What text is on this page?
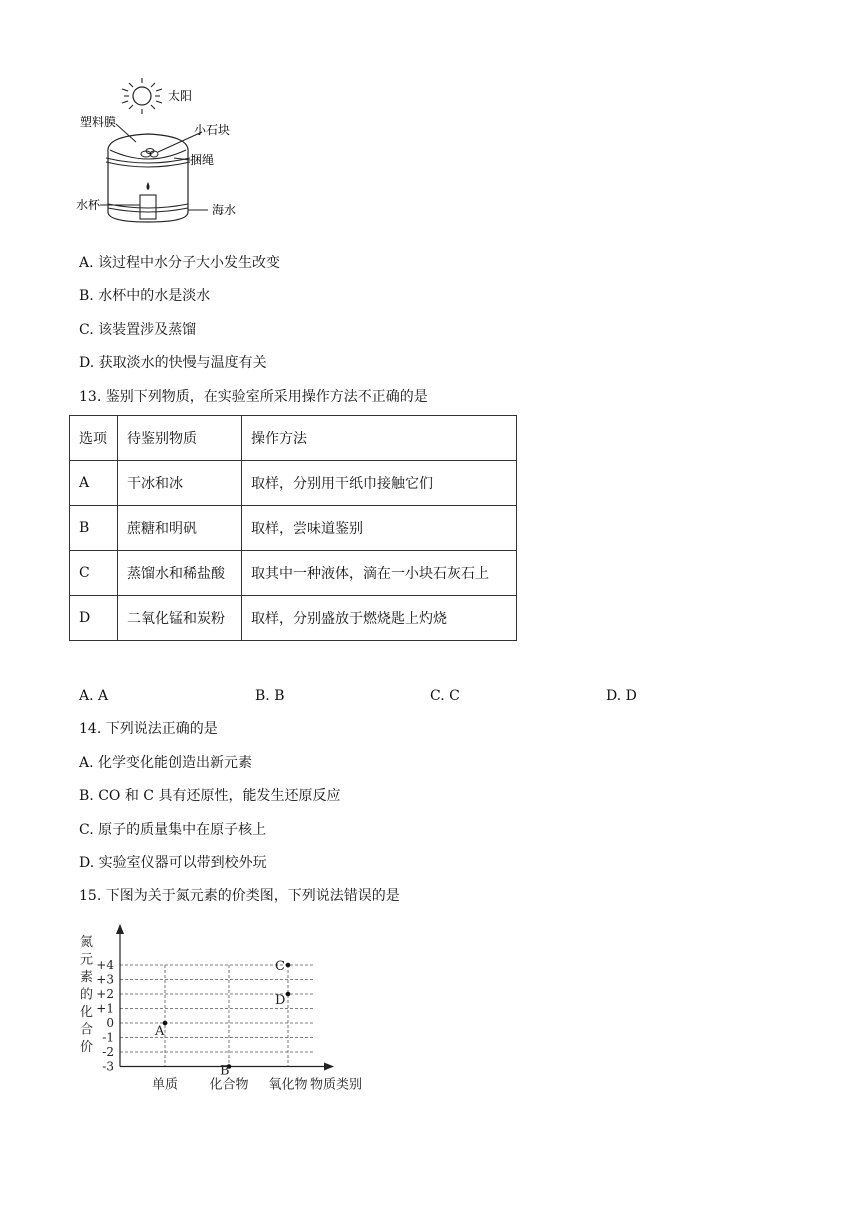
太阳
塑料膜
小石块
捆绳
水杯	海水
A. 该过程中水分子大小发生改变
B. 水杯中的水是淡水
C. 该装置涉及蒸馏
D. 获取淡水的快慢与温度有关
13. 鉴别下列物质，在实验室所采用操作方法不正确的是
选项	待鉴别物质	操作方法
A	干冰和冰	取样，分别用干纸巾接触它们
B	蔗糖和明矾	取样，尝味道鉴别
C	蒸馏水和稀盐酸	取其中一种液体，滴在一小块石灰石上
D	二氧化锰和炭粉	取样，分别盛放于燃烧匙上灼烧
A. A	B. B	C. C	D. D
14. 下列说法正确的是
A. 化学变化能创造出新元素
B. CO 和 C 具有还原性，能发生还原反应
C. 原子的质量集中在原子核上
D. 实验室仪器可以带到校外玩
15. 下图为关于氮元素的价类图，下列说法错误的是
氮
元
素
的
化
合
价
+4
+3
+2
+1
0
-1
-2
-3
单质 化合物 氧化物 物质类别
A
B
C
D
